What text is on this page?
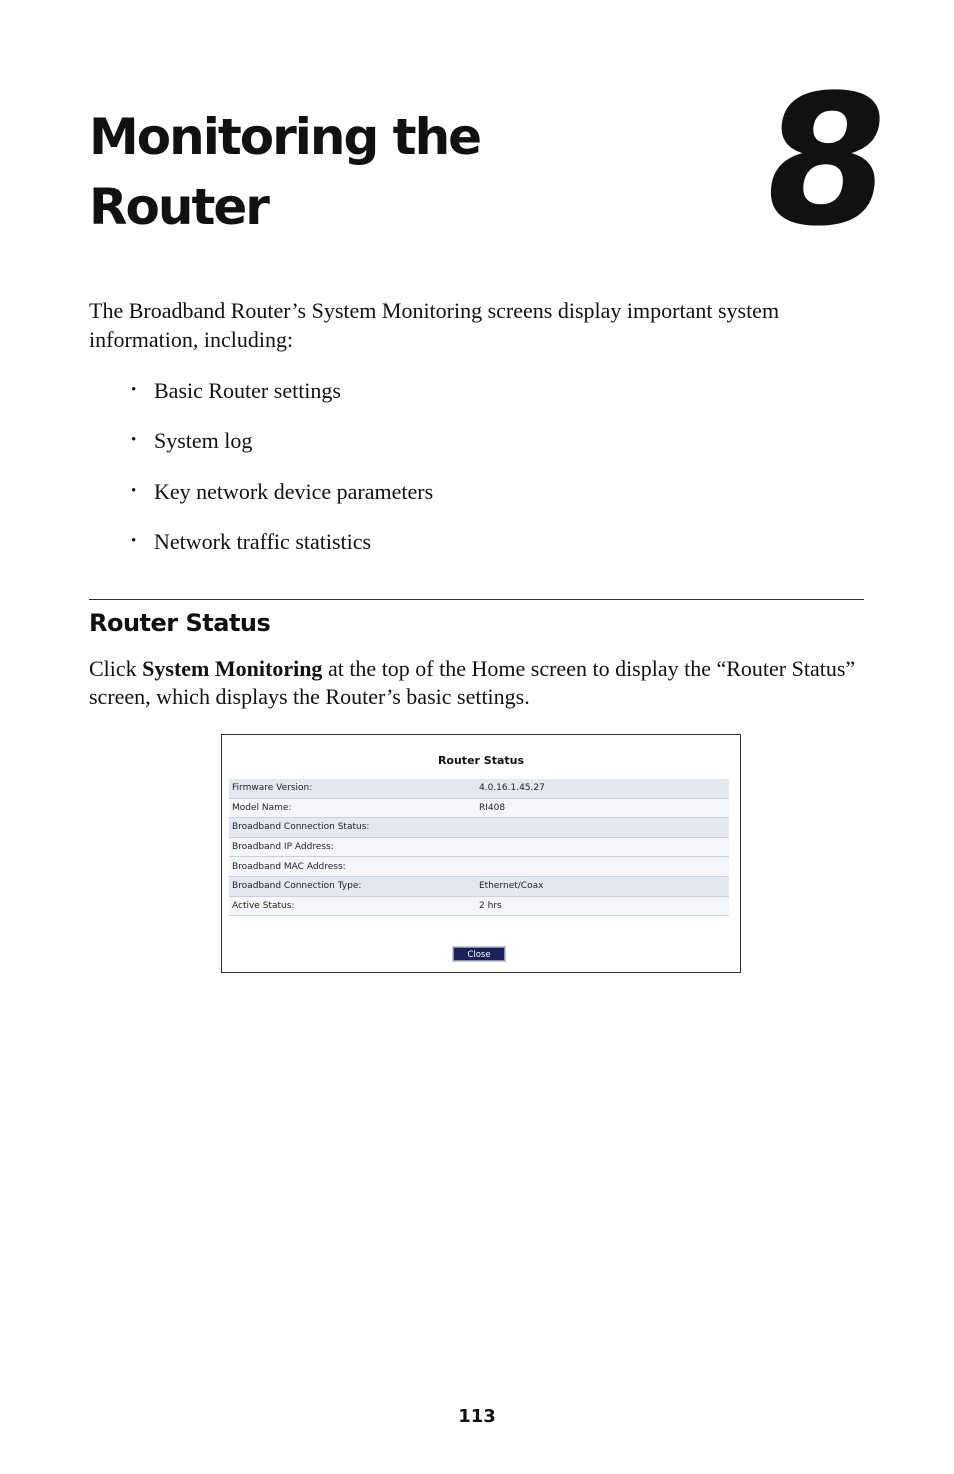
Monitoring the
Router	8

The Broadband Router’s System Monitoring screens display important system information, including:

• Basic Router settings
• System log
• Key network device parameters
• Network traffic statistics
Router Status

Click System Monitoring at the top of the Home screen to display the “Router Status” screen, which displays the Router’s basic settings.

Router Status
Firmware Version:	4.0.16.1.45.27
Model Name:	RI408
Broadband Connection Status:	
Broadband IP Address:	
Broadband MAC Address:	
Broadband Connection Type:	Ethernet/Coax
Active Status:	2 hrs
Close
113
